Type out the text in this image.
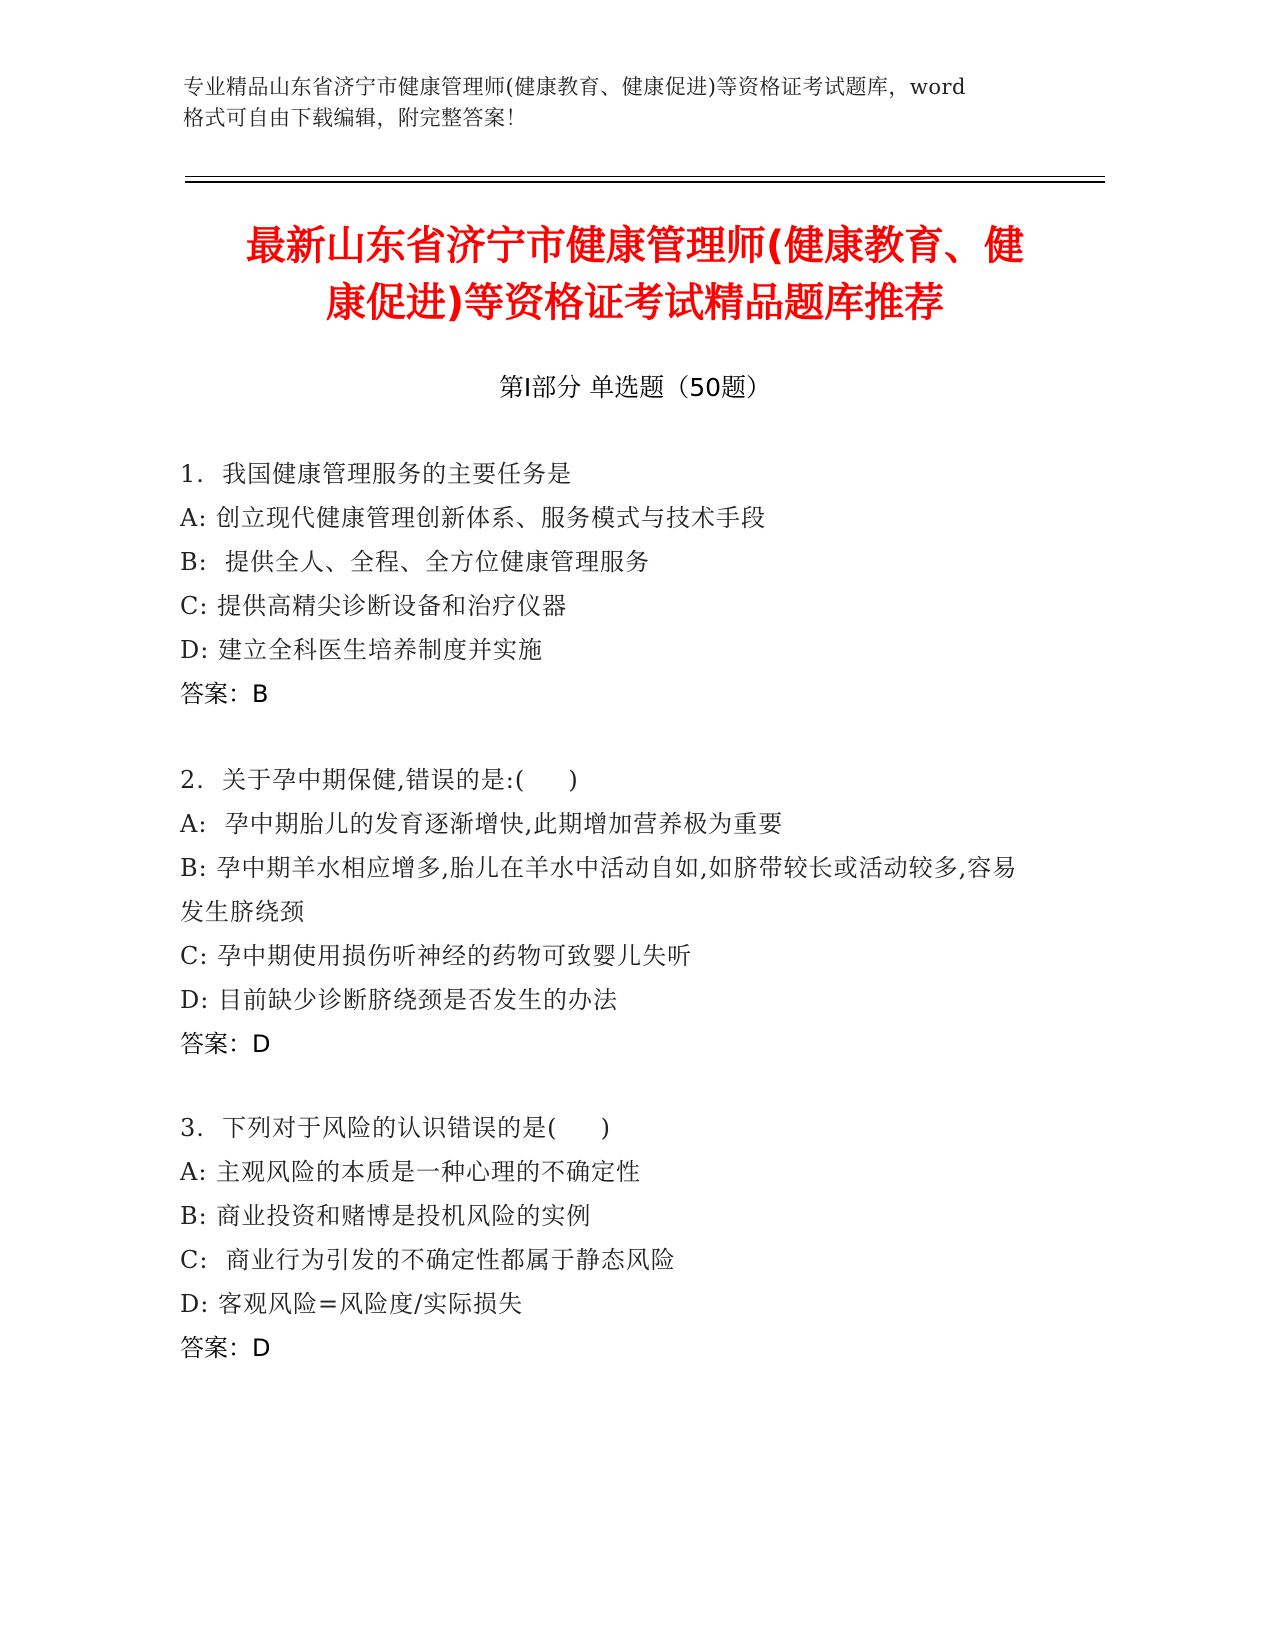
专业精品山东省济宁市健康管理师(健康教育、健康促进)等资格证考试题库，word
格式可自由下载编辑，附完整答案！
最新山东省济宁市健康管理师(健康教育、健
康促进)等资格证考试精品题库推荐
第Ⅰ部分 单选题（50题）
1.  我国健康管理服务的主要任务是
A: 创立现代健康管理创新体系、服务模式与技术手段
B:  提供全人、全程、全方位健康管理服务
C: 提供高精尖诊断设备和治疗仪器
D: 建立全科医生培养制度并实施
答案：B
2.  关于孕中期保健,错误的是:(     )
A:  孕中期胎儿的发育逐渐增快,此期增加营养极为重要
B: 孕中期羊水相应增多,胎儿在羊水中活动自如,如脐带较长或活动较多,容易发生脐绕颈
C: 孕中期使用损伤听神经的药物可致婴儿失听
D: 目前缺少诊断脐绕颈是否发生的办法
答案：D
3.  下列对于风险的认识错误的是(     )
A: 主观风险的本质是一种心理的不确定性
B: 商业投资和赌博是投机风险的实例
C:  商业行为引发的不确定性都属于静态风险
D: 客观风险=风险度/实际损失
答案：D
